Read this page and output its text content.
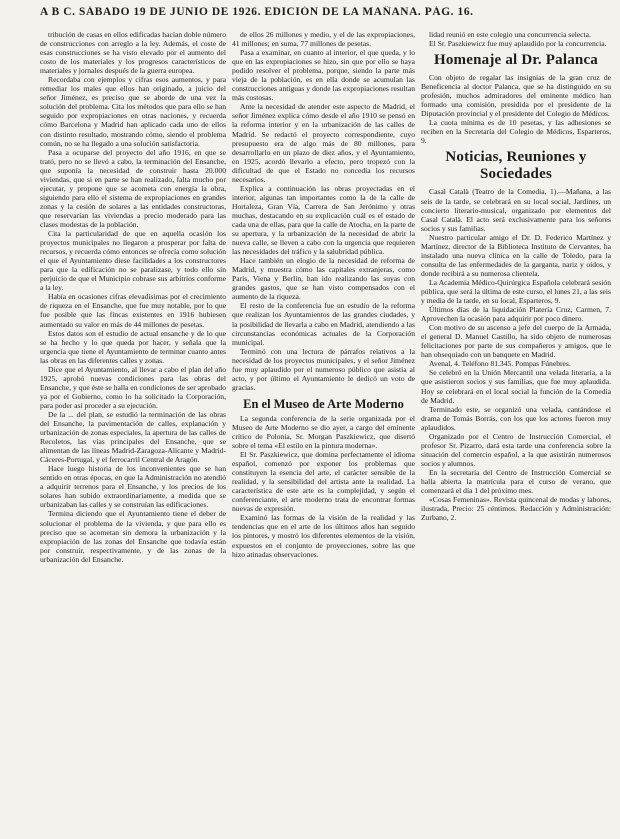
A B C. SÁBADO 19 DE JUNIO DE 1926. EDICIÓN DE LA MAÑANA. PÁG. 16.

tribución de casas en ellos edificadas hacían doble número de construcciones con arreglo a la ley. Además, el coste de esas construcciones se ha visto elevado por el aumento del costo de los materiales y los progresos característicos de materiales y jornales después de la guerra europea.

Recordaba con ejemplos y cifras esos aumentos, y para remediar los males que ellos han originado, a juicio del señor Jiménez, es preciso que se aborde de una vez la solución del problema. Cita los métodos que para ello se han seguido por expropiaciones en otras naciones, y recuerda cómo Barcelona y Madrid han aplicado cada uno de ellos con distinto resultado, mostrando cómo, siendo el problema común, no se ha llegado a una solución satisfactoria.

Pasa a ocuparse del proyecto del año 1916, en que se trató, pero no se llevó a cabo, la terminación del Ensanche, que suponía la necesidad de construir hasta 20.000 viviendas, que si en parte se han realizado, falta mucho por ejecutar, y propone que se acometa con energía la obra, siguiendo para ello el sistema de expropiaciones en grandes zonas y la cesión de solares a las entidades constructoras, que reservarían las viviendas a precio moderado para las clases modestas de la población.

Cita la particularidad de que en aquella ocasión los proyectos municipales no llegaron a prosperar por falta de recursos, y recuerda cómo entonces se ofrecía como solución el que el Ayuntamiento diese facilidades a los constructores para que la edificación no se paralizase, y todo ello sin perjuicio de que el Municipio cobrase sus arbitrios conforme a la ley.

Había en ocasiones cifras elevadísimas por el crecimiento de riqueza en el Ensanche, que fue muy notable, por lo que fue posible que las fincas existentes en 1916 hubiesen aumentado su valor en más de 44 millones de pesetas.

Estos datos son el estudio de actual ensanche y de lo que se ha hecho y lo que queda por hacer, y señala que la urgencia que tiene el Ayuntamiento de terminar cuanto antes las obras en las diferentes calles y zonas.

Dice que el Ayuntamiento, al llevar a cabo el plan del año 1925, aprobó nuevas condiciones para las obras del Ensanche, y que éste se halla en condiciones de ser aprobado ya por el Gobierno, como lo ha solicitado la Corporación, para poder así proceder a su ejecución.

De la ... del plan, se estudió la terminación de las obras del Ensanche, la pavimentación de calles, explanación y urbanización de zonas especiales, la apertura de las calles de Recoletos, las vías principales del Ensanche, que se alimentan de las líneas Madrid-Zaragoza-Alicante y Madrid-Cáceres-Portugal, y el ferrocarril Central de Aragón.

Hace luego historia de los inconvenientes que se han sentido en otras épocas, en que la Administración no atendió a adquirir terrenos para el Ensanche, y los precios de los solares han subido extraordinariamente, a medida que se urbanizaban las calles y se construían las edificaciones.

Termina diciendo que el Ayuntamiento tiene el deber de solucionar el problema de la vivienda, y que para ello es preciso que se acometan sin demora la urbanización y la expropiación de las zonas del Ensanche que todavía están por construir, respectivamente, y de las zonas de la urbanización del Ensanche.

de ellos 26 millones y medio, y el de las expropiaciones, 41 millones; en suma, 77 millones de pesetas.

Pasa a examinar, en cuanto al interior, el que queda, y lo que en las expropiaciones se hizo, sin que por ello se haya podido resolver el problema, porque, siendo la parte más vieja de la población, es en ella donde se acumulan las construcciones antiguas y donde las expropiaciones resultan más costosas.

Ante la necesidad de atender este aspecto de Madrid, el señor Jiménez explica cómo desde el año 1910 se pensó en la reforma interior y en la urbanización de las calles de Madrid. Se redactó el proyecto correspondiente, cuyo presupuesto era de algo más de 80 millones, para desarrollarlo en un plazo de diez años, y el Ayuntamiento, en 1925, acordó llevarlo a efecto, pero tropezó con la dificultad de que el Estado no concedía los recursos necesarios.

Explica a continuación las obras proyectadas en el interior, algunas tan importantes como la de la calle de Hortaleza, Gran Vía, Carrera de San Jerónimo y otras muchas, destacando en su explicación cuál es el estado de cada una de ellas, para que la calle de Atocha, en la parte de su apertura, y la urbanización de la necesidad de abrir la nueva calle, se lleven a cabo con la urgencia que requieren las necesidades del tráfico y la salubridad pública.

Hace también un elogio de la necesidad de reforma de Madrid, y muestra cómo las capitales extranjeras, como París, Viena y Berlín, han ido realizando las suyas con grandes gastos, que se han visto compensados con el aumento de la riqueza.

El resto de la conferencia fue un estudio de la reforma que realizan los Ayuntamientos de las grandes ciudades, y la posibilidad de llevarla a cabo en Madrid, atendiendo a las circunstancias económicas actuales de la Corporación municipal.

Terminó con una lectura de párrafos relativos a la necesidad de los proyectos municipales, y el señor Jiménez fue muy aplaudido por el numeroso público que asistía al acto, y por último el Ayuntamiento le dedicó un voto de gracias.

En el Museo de Arte Moderno

La segunda conferencia de la serie organizada por el Museo de Arte Moderno se dio ayer, a cargo del eminente crítico de Polonia, Sr. Morgan Paszkiewicz, que disertó sobre el tema «El estilo en la pintura moderna».

El Sr. Paszkiewicz, que domina perfectamente el idioma español, comenzó por exponer los problemas que constituyen la esencia del arte, el carácter sensible de la realidad, y la sensibilidad del artista ante la realidad. La característica de este arte es la complejidad, y según el conferenciante, el arte moderno trata de encontrar formas nuevas de expresión.

Examinó las formas de la visión de la realidad y las tendencias que en el arte de los últimos años han seguido los pintores, y mostró los diferentes elementos de la visión, expuestos en el conjunto de proyecciones, sobre las que hizo atinadas observaciones.

lidad reunió en este colegio una concurrencia selecta.

El Sr. Paszkiewicz fue muy aplaudido por la concurrencia.

Homenaje al Dr. Palanca

Con objeto de regalar las insignias de la gran cruz de Beneficencia al doctor Palanca, que se ha distinguido en su profesión, muchos admiradores del eminente médico han formado una comisión, presidida por el presidente de la Diputación provincial y el presidente del Colegio de Médicos.

La cuota mínima es de 10 pesetas, y las adhesiones se reciben en la Secretaría del Colegio de Médicos, Esparteros, 9.

Noticias, Reuniones y Sociedades

Casal Català (Teatro de la Comedia, 1).—Mañana, a las seis de la tarde, se celebrará en su local social, Jardines, un concierto literario-musical, organizado por elementos del Casal Català. El acto será exclusivamente para los señores socios y sus familias.

Nuestro particular amigo el Dr. D. Federico Martínez y Martínez, director de la Biblioteca Instituto de Cervantes, ha instalado una nueva clínica en la calle de Toledo, para la consulta de las enfermedades de la garganta, nariz y oídos, y donde recibirá a su numerosa clientela.

La Academia Médico-Quirúrgica Española celebrará sesión pública, que será la última de este curso, el lunes 21, a las seis y media de la tarde, en su local, Esparteros, 9.

Últimos días de la liquidación Platería Cruz, Carmen, 7. Aprovechen la ocasión para adquirir por poco dinero.

Con motivo de su ascenso a jefe del cuerpo de la Armada, el general D. Manuel Castillo, ha sido objeto de numerosas felicitaciones por parte de sus compañeros y amigos, que le han obsequiado con un banquete en Madrid.

Avenal, 4. Teléfono 81.345. Pompas Fúnebres.

Se celebró en la Unión Mercantil una velada literaria, a la que asistieron socios y sus familias, que fue muy aplaudida. Hoy se celebrará en el local social la función de la Comedia de Madrid.

Terminado este, se organizó una velada, cantándose el drama de Tomás Borrás, con los que los actores fueron muy aplaudidos.

Organizado por el Centro de Instrucción Comercial, el profesor Sr. Pizarro, dará esta tarde una conferencia sobre la situación del comercio español, a la que asistirán numerosos socios y alumnos.

En la secretaría del Centro de Instrucción Comercial se halla abierta la matrícula para el curso de verano, que comenzará el día 1 del próximo mes.

«Cosas Femeninas». Revista quincenal de modas y labores, ilustrada, Precio: 25 céntimos. Redacción y Administración: Zurbano, 2.
